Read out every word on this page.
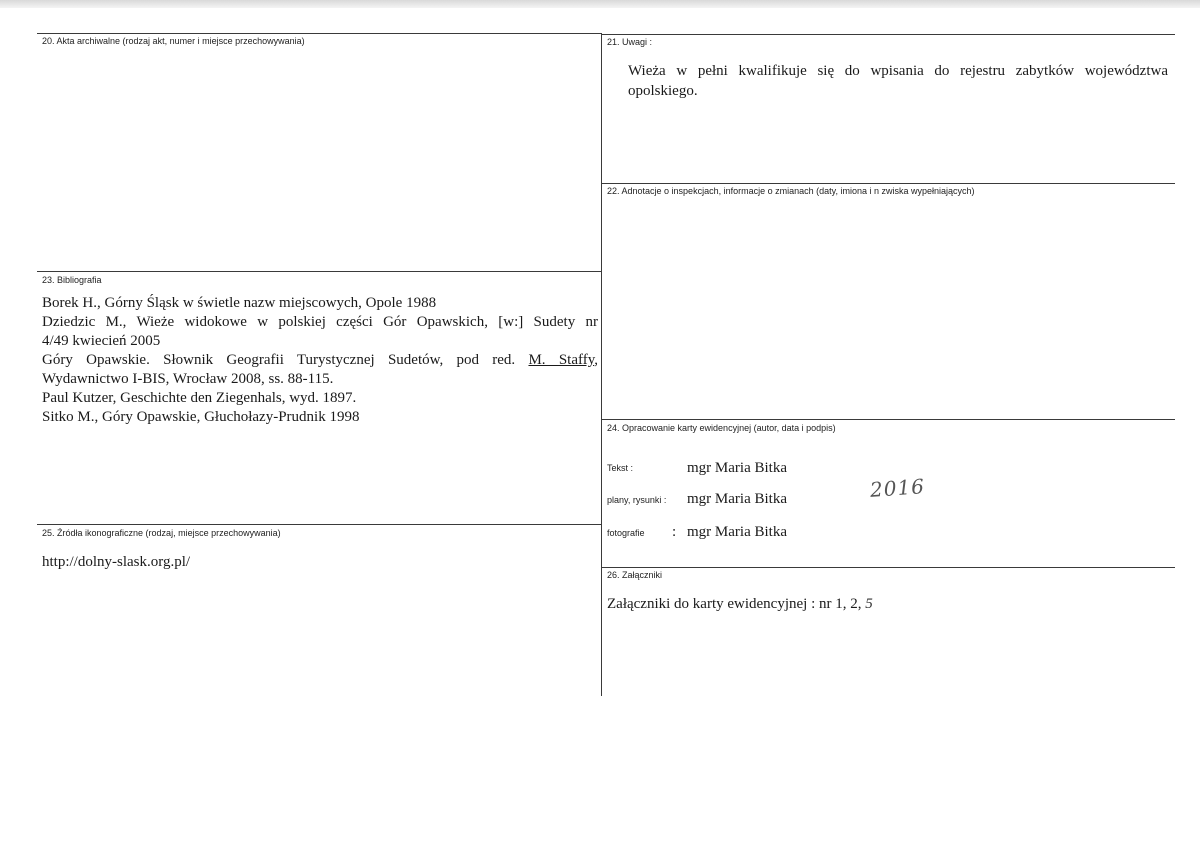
20. Akta archiwalne (rodzaj akt, numer i miejsce przechowywania)	21. Uwagi :
Wieża w pełni kwalifikuje się do wpisania do rejestru zabytków województwa opolskiego.
22. Adnotacje o inspekcjach, informacje o zmianach (daty, imiona i n zwiska wypełniających)
23. Bibliografia
Borek H., Górny Śląsk w świetle nazw miejscowych, Opole 1988
Dziedzic M., Wieże widokowe w polskiej części Gór Opawskich, [w:] Sudety nr
4/49 kwiecień 2005
Góry Opawskie. Słownik Geografii Turystycznej Sudetów, pod red. M. Staffy,
Wydawnictwo I-BIS, Wrocław 2008, ss. 88-115.
Paul Kutzer, Geschichte den Ziegenhals, wyd. 1897.
Sitko M., Góry Opawskie, Głuchołazy-Prudnik 1998
24. Opracowanie karty ewidencyjnej (autor, data i podpis)
Tekst :	mgr Maria Bitka
plany, rysunki : mgr Maria Bitka
fotografie : mgr Maria Bitka
2016
25. Źródła ikonograficzne (rodzaj, miejsce przechowywania)
http://dolny-slask.org.pl/
26. Załączniki
Załączniki do karty ewidencyjnej : nr 1, 2, 5
